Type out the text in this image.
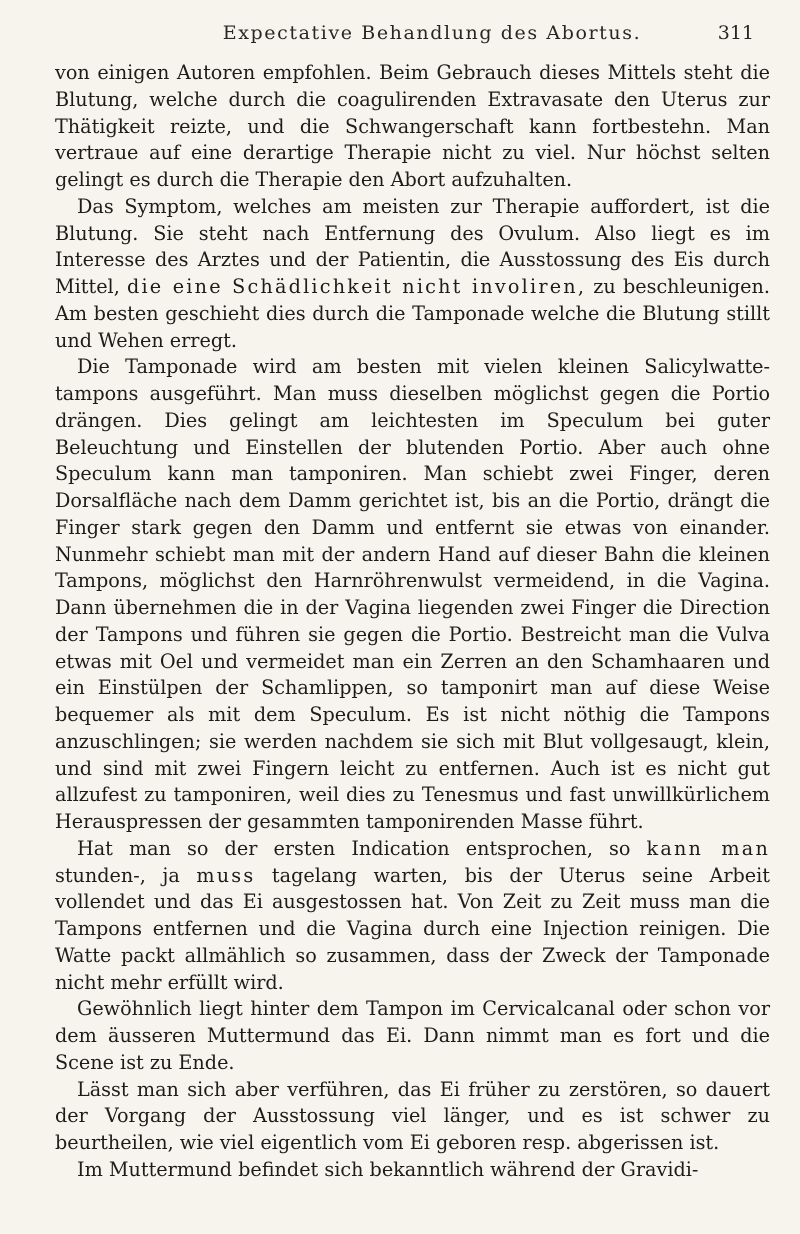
Expectative Behandlung des Abortus.	311

von einigen Autoren empfohlen. Beim Gebrauch dieses Mittels steht die Blutung, welche durch die coagulirenden Extravasate den Uterus zur Thätigkeit reizte, und die Schwangerschaft kann fortbestehn. Man vertraue auf eine derartige Therapie nicht zu viel. Nur höchst selten gelingt es durch die Therapie den Abort aufzuhalten.

Das Symptom, welches am meisten zur Therapie auffordert, ist die Blutung. Sie steht nach Entfernung des Ovulum. Also liegt es im Interesse des Arztes und der Patientin, die Ausstossung des Eis durch Mittel, die eine Schädlichkeit nicht involiren, zu beschleunigen. Am besten geschieht dies durch die Tamponade welche die Blutung stillt und Wehen erregt.

Die Tamponade wird am besten mit vielen kleinen Salicylwatte-tampons ausgeführt. Man muss dieselben möglichst gegen die Portio drängen. Dies gelingt am leichtesten im Speculum bei guter Beleuchtung und Einstellen der blutenden Portio. Aber auch ohne Speculum kann man tamponiren. Man schiebt zwei Finger, deren Dorsalfläche nach dem Damm gerichtet ist, bis an die Portio, drängt die Finger stark gegen den Damm und entfernt sie etwas von einander. Nunmehr schiebt man mit der andern Hand auf dieser Bahn die kleinen Tampons, möglichst den Harnröhrenwulst vermeidend, in die Vagina. Dann übernehmen die in der Vagina liegenden zwei Finger die Direction der Tampons und führen sie gegen die Portio. Bestreicht man die Vulva etwas mit Oel und vermeidet man ein Zerren an den Schamhaaren und ein Einstülpen der Schamlippen, so tamponirt man auf diese Weise bequemer als mit dem Speculum. Es ist nicht nöthig die Tampons anzuschlingen; sie werden nachdem sie sich mit Blut vollgesaugt, klein, und sind mit zwei Fingern leicht zu entfernen. Auch ist es nicht gut allzufest zu tamponiren, weil dies zu Tenesmus und fast unwillkürlichem Herauspressen der gesammten tamponirenden Masse führt.

Hat man so der ersten Indication entsprochen, so kann man stunden-, ja muss tagelang warten, bis der Uterus seine Arbeit vollendet und das Ei ausgestossen hat. Von Zeit zu Zeit muss man die Tampons entfernen und die Vagina durch eine Injection reinigen. Die Watte packt allmählich so zusammen, dass der Zweck der Tamponade nicht mehr erfüllt wird.

Gewöhnlich liegt hinter dem Tampon im Cervicalcanal oder schon vor dem äusseren Muttermund das Ei. Dann nimmt man es fort und die Scene ist zu Ende.

Lässt man sich aber verführen, das Ei früher zu zerstören, so dauert der Vorgang der Ausstossung viel länger, und es ist schwer zu beurtheilen, wie viel eigentlich vom Ei geboren resp. abgerissen ist.

Im Muttermund befindet sich bekanntlich während der Gravidi-
